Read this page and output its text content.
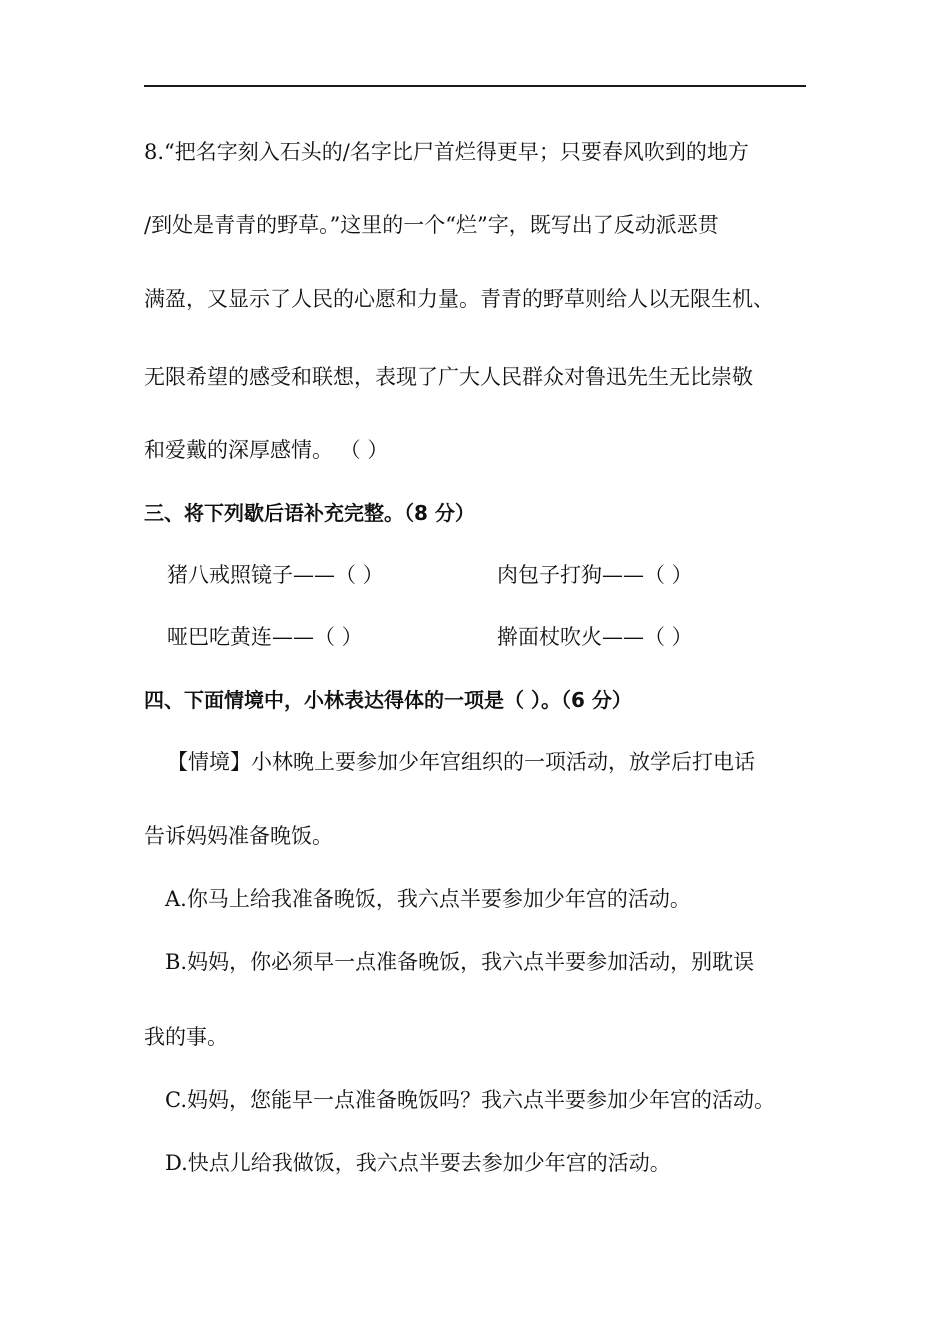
8.“把名字刻入石头的/名字比尸首烂得更早；只要春风吹到的地方
/到处是青青的野草。”这里的一个“烂”字，既写出了反动派恶贯
满盈，又显示了人民的心愿和力量。青青的野草则给人以无限生机、
无限希望的感受和联想，表现了广大人民群众对鲁迅先生无比崇敬
和爱戴的深厚感情。 （ ）
三、将下列歇后语补充完整。（8 分）
猪八戒照镜子——（ ）	肉包子打狗——（ ）
哑巴吃黄连——（ ）	擀面杖吹火——（ ）
四、下面情境中，小林表达得体的一项是（ ）。（6 分）
【情境】小林晚上要参加少年宫组织的一项活动，放学后打电话
告诉妈妈准备晚饭。
A.你马上给我准备晚饭，我六点半要参加少年宫的活动。
B.妈妈，你必须早一点准备晚饭，我六点半要参加活动，别耽误
我的事。
C.妈妈，您能早一点准备晚饭吗？我六点半要参加少年宫的活动。
D.快点儿给我做饭，我六点半要去参加少年宫的活动。
